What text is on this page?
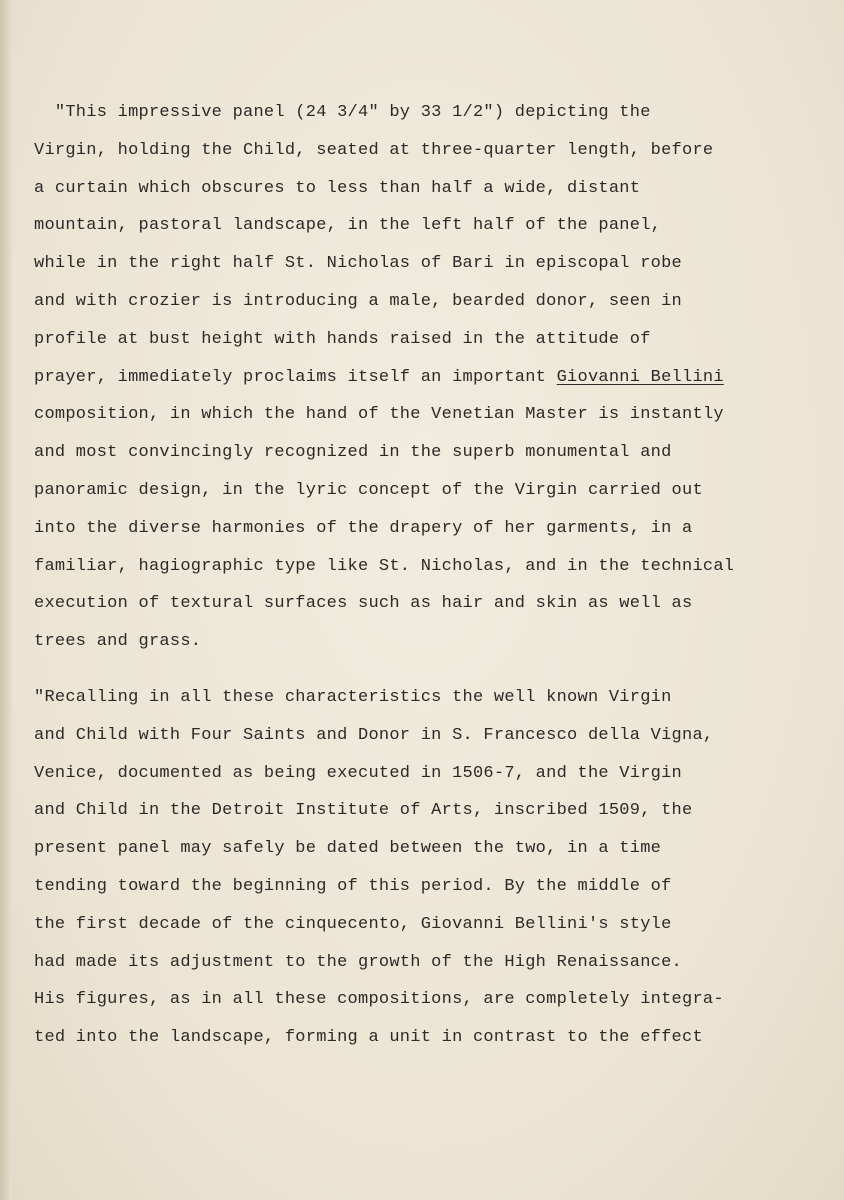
"This impressive panel (24 3/4" by 33 1/2") depicting the
Virgin, holding the Child, seated at three-quarter length, before
a curtain which obscures to less than half a wide, distant
mountain, pastoral landscape, in the left half of the panel,
while in the right half St. Nicholas of Bari in episcopal robe
and with crozier is introducing a male, bearded donor, seen in
profile at bust height with hands raised in the attitude of
prayer, immediately proclaims itself an important Giovanni Bellini
composition, in which the hand of the Venetian Master is instantly
and most convincingly recognized in the superb monumental and
panoramic design, in the lyric concept of the Virgin carried out
into the diverse harmonies of the drapery of her garments, in a
familiar, hagiographic type like St. Nicholas, and in the technical
execution of textural surfaces such as hair and skin as well as
trees and grass.
"Recalling in all these characteristics the well known Virgin
and Child with Four Saints and Donor in S. Francesco della Vigna,
Venice, documented as being executed in 1506-7, and the Virgin
and Child in the Detroit Institute of Arts, inscribed 1509, the
present panel may safely be dated between the two, in a time
tending toward the beginning of this period. By the middle of
the first decade of the cinquecento, Giovanni Bellini's style
had made its adjustment to the growth of the High Renaissance.
His figures, as in all these compositions, are completely integra-
ted into the landscape, forming a unit in contrast to the effect
